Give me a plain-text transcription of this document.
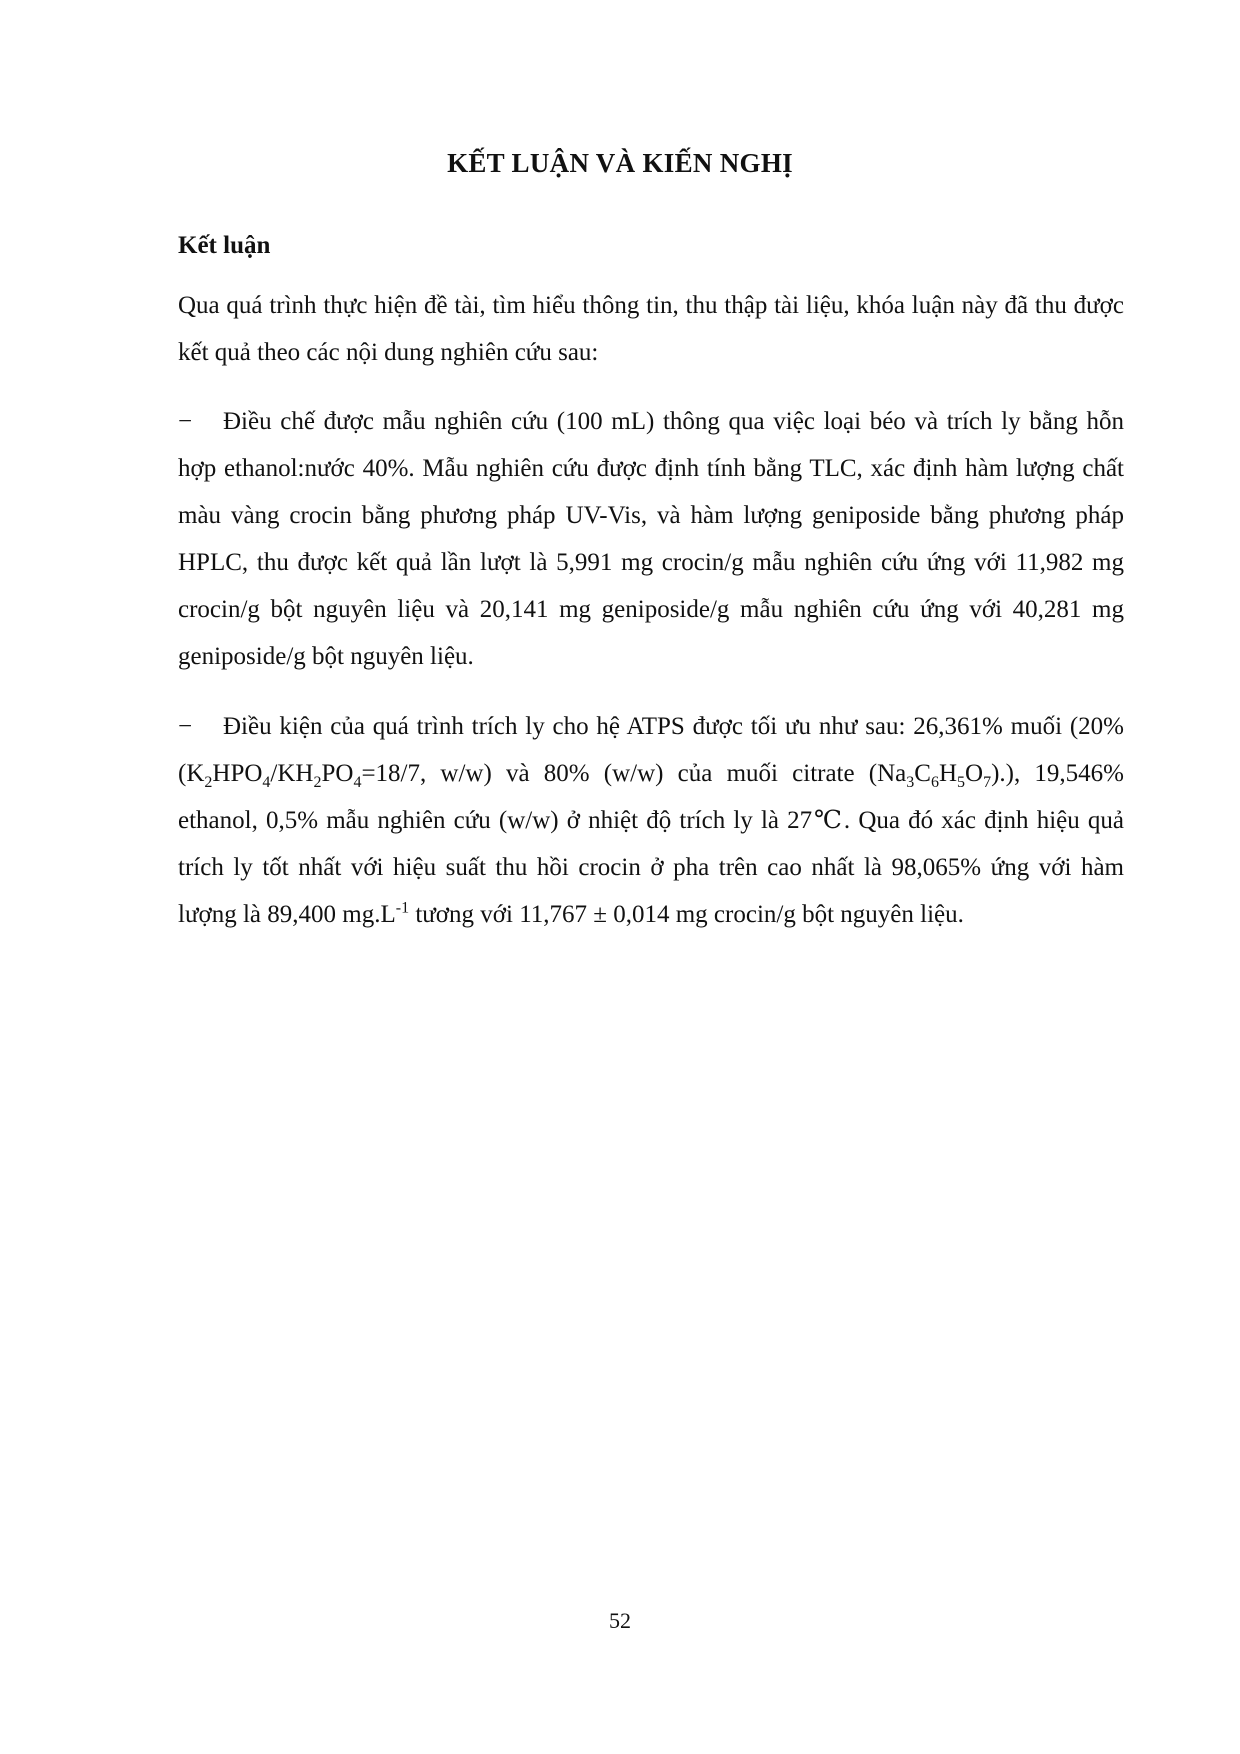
KẾT LUẬN VÀ KIẾN NGHỊ
Kết luận

Qua quá trình thực hiện đề tài, tìm hiểu thông tin, thu thập tài liệu, khóa luận này đã thu được kết quả theo các nội dung nghiên cứu sau:

− Điều chế được mẫu nghiên cứu (100 mL) thông qua việc loại béo và trích ly bằng hỗn hợp ethanol:nước 40%. Mẫu nghiên cứu được định tính bằng TLC, xác định hàm lượng chất màu vàng crocin bằng phương pháp UV-Vis, và hàm lượng geniposide bằng phương pháp HPLC, thu được kết quả lần lượt là 5,991 mg crocin/g mẫu nghiên cứu ứng với 11,982 mg crocin/g bột nguyên liệu và 20,141 mg geniposide/g mẫu nghiên cứu ứng với 40,281 mg geniposide/g bột nguyên liệu.

− Điều kiện của quá trình trích ly cho hệ ATPS được tối ưu như sau: 26,361% muối (20% ($K_2HPO_4/KH_2PO_4=18/7$, w/w) và 80% (w/w) của muối citrate $(Na_3C_6H_5O_7)$.), 19,546% ethanol, 0,5% mẫu nghiên cứu (w/w) ở nhiệt độ trích ly là 27℃. Qua đó xác định hiệu quả trích ly tốt nhất với hiệu suất thu hồi crocin ở pha trên cao nhất là 98,065% ứng với hàm lượng là 89,400 $mg.L^{-1}$ tương với 11,767 ± 0,014 mg crocin/g bột nguyên liệu.

52
